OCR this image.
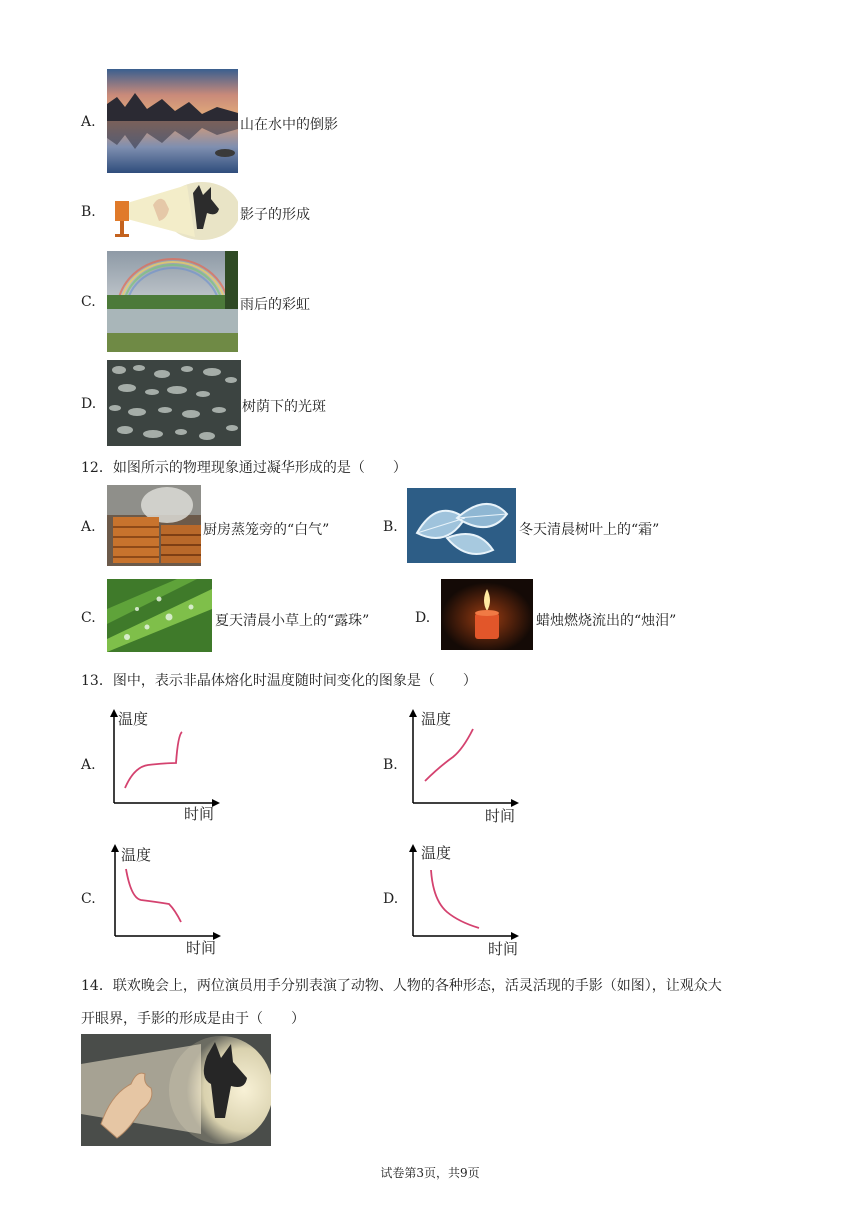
A.	山在水中的倒影
B.	影子的形成
C.	雨后的彩虹
D.	树荫下的光斑
12．如图所示的物理现象通过凝华形成的是（　　）
A.	厨房蒸笼旁的“白气”	B.	冬天清晨树叶上的“霜”
C.	夏天清晨小草上的“露珠”	D.	蜡烛燃烧流出的“烛泪”
13．图中，表示非晶体熔化时温度随时间变化的图象是（　　）
A.
温度
时间
B.
温度
时间
C.
温度
时间
D.
温度
时间
14．联欢晚会上，两位演员用手分别表演了动物、人物的各种形态，活灵活现的手影（如图），让观众大
开眼界，手影的形成是由于（　　）
试卷第3页，共9页
